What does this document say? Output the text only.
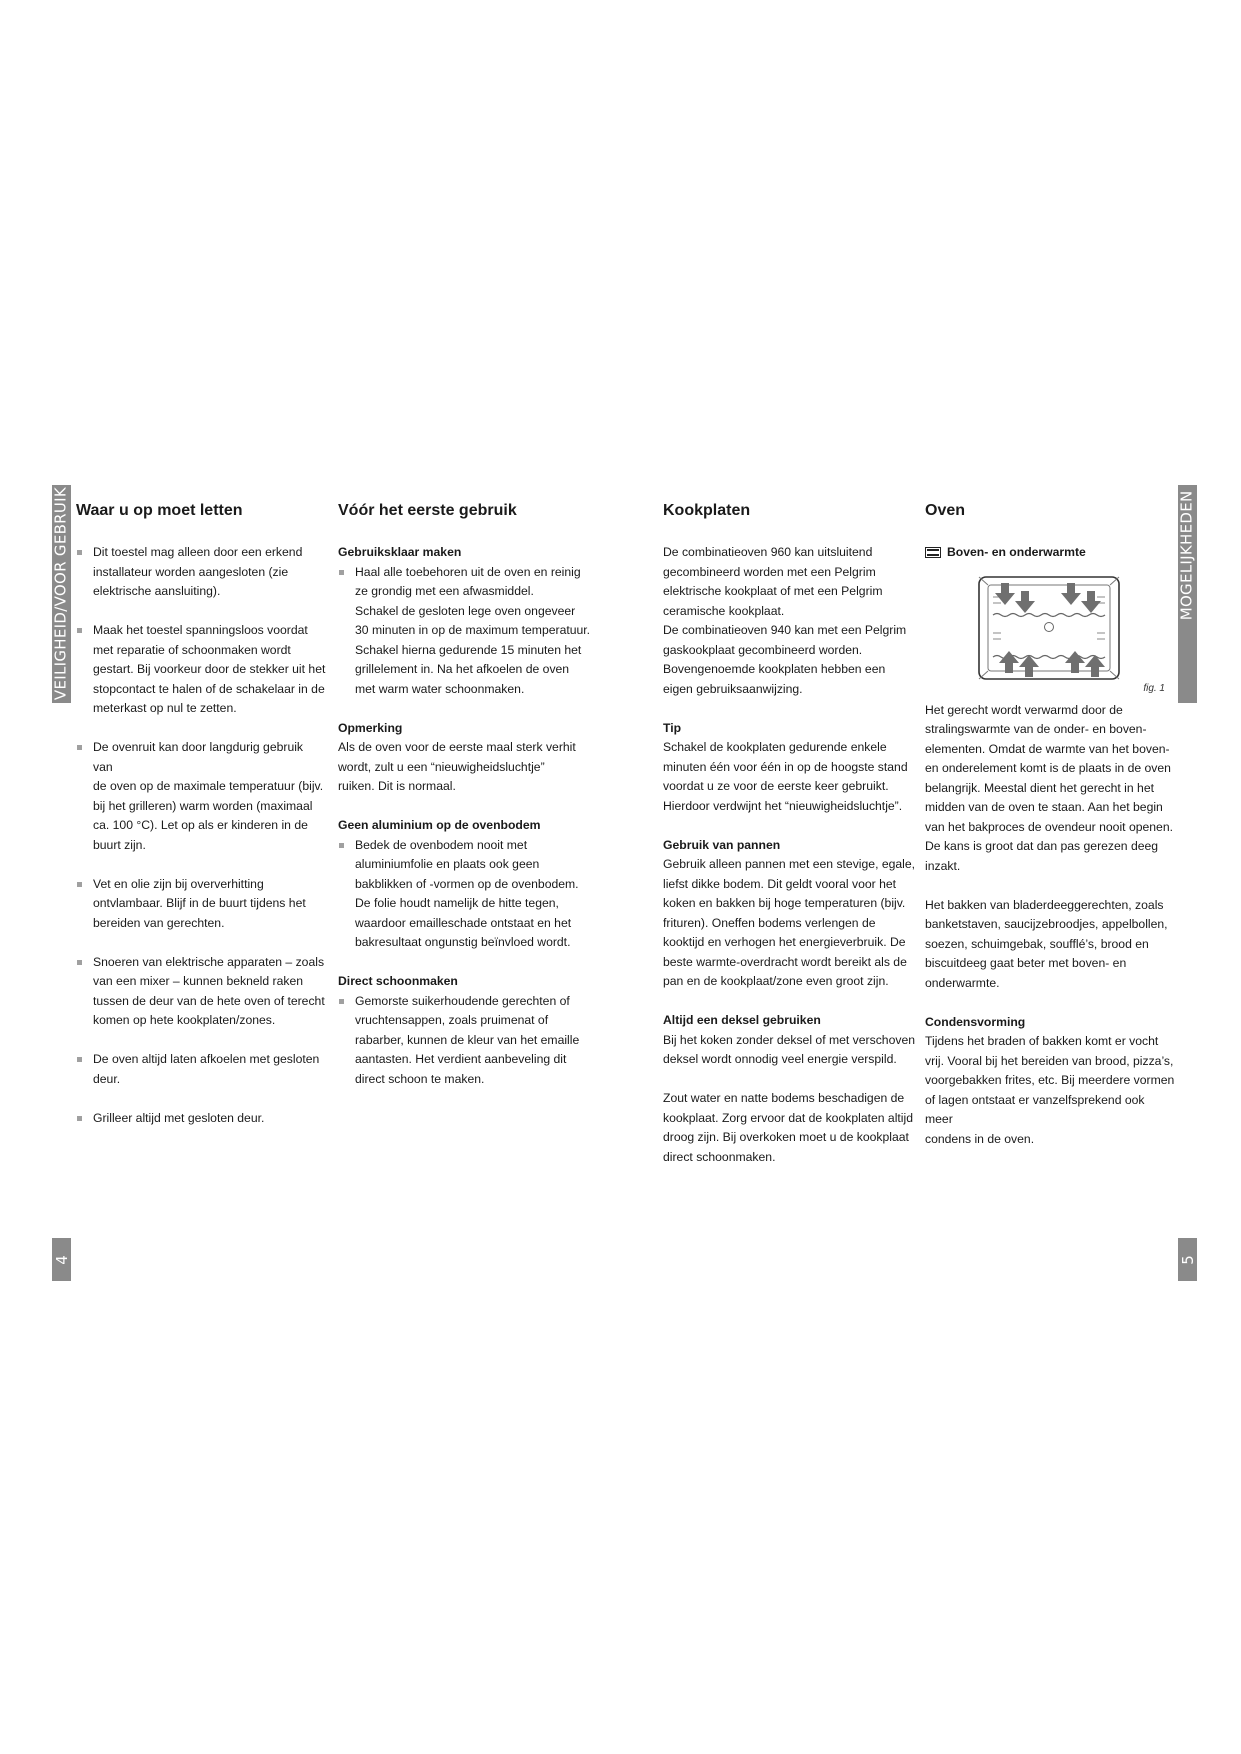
VEILIGHEID/VOOR GEBRUIK	MOGELIJKHEDEN
4	5
Waar u op moet letten
Dit toestel mag alleen door een erkend
installateur worden aangesloten (zie
elektrische aansluiting).
Maak het toestel spanningsloos voordat
met reparatie of schoonmaken wordt
gestart. Bij voorkeur door de stekker uit het
stopcontact te halen of de schakelaar in de
meterkast op nul te zetten.
De ovenruit kan door langdurig gebruik van
de oven op de maximale temperatuur (bijv.
bij het grilleren) warm worden (maximaal
ca. 100 °C). Let op als er kinderen in de
buurt zijn.
Vet en olie zijn bij oververhitting
ontvlambaar. Blijf in de buurt tijdens het
bereiden van gerechten.
Snoeren van elektrische apparaten – zoals
van een mixer – kunnen bekneld raken
tussen de deur van de hete oven of terecht
komen op hete kookplaten/zones.
De oven altijd laten afkoelen met gesloten
deur.
Grilleer altijd met gesloten deur.
Vóór het eerste gebruik
Gebruiksklaar maken
Haal alle toebehoren uit de oven en reinig
ze grondig met een afwasmiddel.
Schakel de gesloten lege oven ongeveer
30 minuten in op de maximum temperatuur.
Schakel hierna gedurende 15 minuten het
grillelement in. Na het afkoelen de oven
met warm water schoonmaken.
Opmerking

Als de oven voor de eerste maal sterk verhit
wordt, zult u een “nieuwigheidsluchtje”
ruiken. Dit is normaal.

Geen aluminium op de ovenbodem
Bedek de ovenbodem nooit met
aluminiumfolie en plaats ook geen
bakblikken of -vormen op de ovenbodem.
De folie houdt namelijk de hitte tegen,
waardoor emailleschade ontstaat en het
bakresultaat ongunstig beïnvloed wordt.
Direct schoonmaken
Gemorste suikerhoudende gerechten of
vruchtensappen, zoals pruimenat of
rabarber, kunnen de kleur van het emaille
aantasten. Het verdient aanbeveling dit
direct schoon te maken.
Kookplaten

De combinatieoven 960 kan uitsluitend
gecombineerd worden met een Pelgrim
elektrische kookplaat of met een Pelgrim
ceramische kookplaat.
De combinatieoven 940 kan met een Pelgrim
gaskookplaat gecombineerd worden.
Bovengenoemde kookplaten hebben een
eigen gebruiksaanwijzing.

Tip

Schakel de kookplaten gedurende enkele
minuten één voor één in op de hoogste stand
voordat u ze voor de eerste keer gebruikt.
Hierdoor verdwijnt het “nieuwigheidsluchtje”.

Gebruik van pannen

Gebruik alleen pannen met een stevige, egale,
liefst dikke bodem. Dit geldt vooral voor het
koken en bakken bij hoge temperaturen (bijv.
frituren). Oneffen bodems verlengen de
kooktijd en verhogen het energieverbruik. De
beste warmte-overdracht wordt bereikt als de
pan en de kookplaat/zone even groot zijn.

Altijd een deksel gebruiken

Bij het koken zonder deksel of met verschoven
deksel wordt onnodig veel energie verspild.

Zout water en natte bodems beschadigen de
kookplaat. Zorg ervoor dat de kookplaten altijd
droog zijn. Bij overkoken moet u de kookplaat
direct schoonmaken.

Oven
Boven- en onderwarmte
fig. 1

Het gerecht wordt verwarmd door de
stralingswarmte van de onder- en boven-
elementen. Omdat de warmte van het boven-
en onderelement komt is de plaats in de oven
belangrijk. Meestal dient het gerecht in het
midden van de oven te staan. Aan het begin
van het bakproces de ovendeur nooit openen.
De kans is groot dat dan pas gerezen deeg
inzakt.

Het bakken van bladerdeeggerechten, zoals
banketstaven, saucijzebroodjes, appelbollen,
soezen, schuimgebak, soufflé’s, brood en
biscuitdeeg gaat beter met boven- en
onderwarmte.

Condensvorming

Tijdens het braden of bakken komt er vocht
vrij. Vooral bij het bereiden van brood, pizza’s,
voorgebakken frites, etc. Bij meerdere vormen
of lagen ontstaat er vanzelfsprekend ook meer
condens in de oven.
